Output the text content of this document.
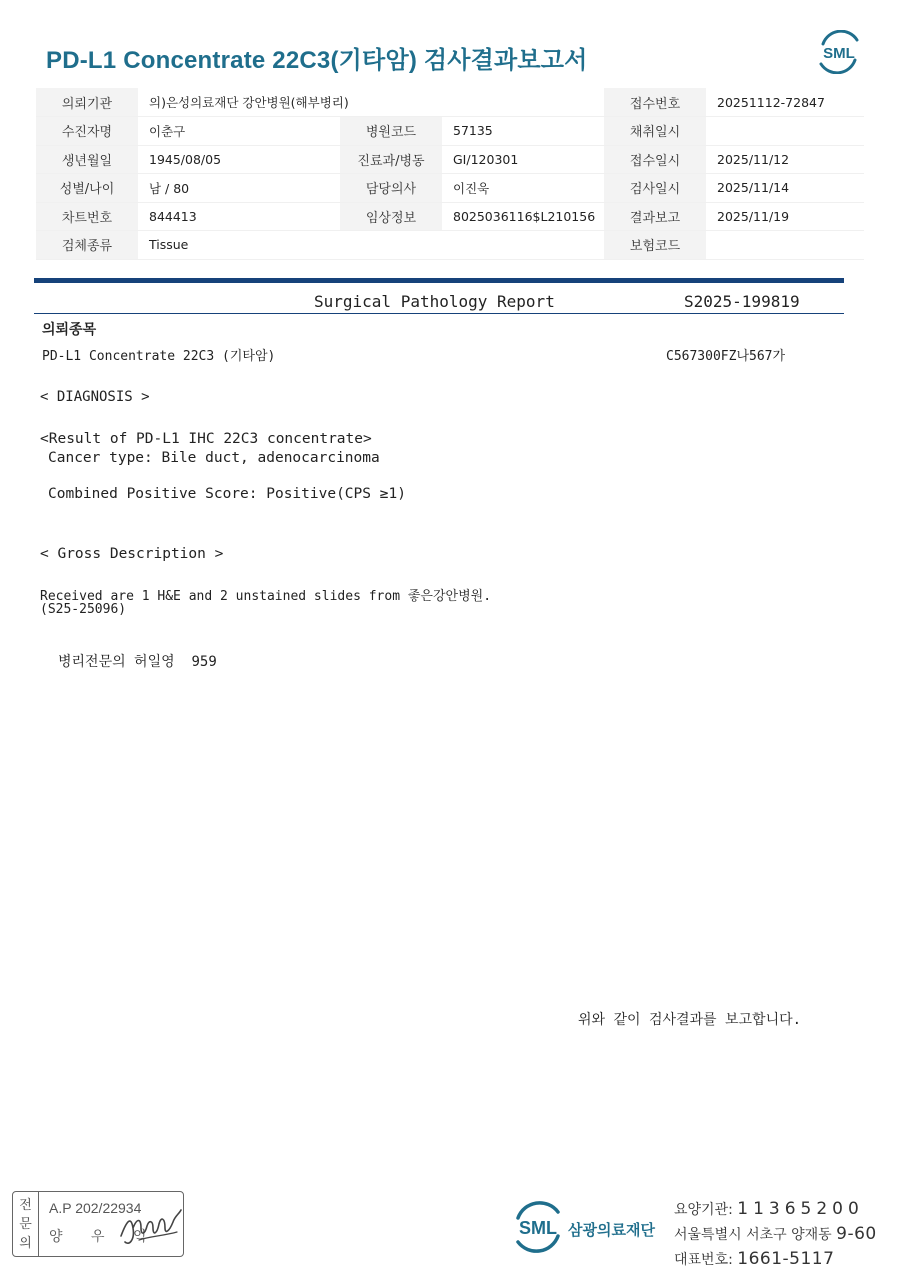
PD-L1 Concentrate 22C3(기타암) 검사결과보고서	SML
의뢰기관	의)은성의료재단 강안병원(해부병리)			접수번호	20251112-72847
수진자명	이춘구	병원코드	57135	채취일시	
생년월일	1945/08/05	진료과/병동	GI/120301	접수일시	2025/11/12
성별/나이	남 / 80	담당의사	이진욱	검사일시	2025/11/14
차트번호	844413	임상정보	8025036116$L210156	결과보고	2025/11/19
검체종류	Tissue			보험코드	
Surgical Pathology Report	S2025-199819
의뢰종목
PD-L1 Concentrate 22C3 (기타암)	C567300FZ나567가
< DIAGNOSIS >
<Result of PD-L1 IHC 22C3 concentrate>
Cancer type: Bile duct, adenocarcinoma
Combined Positive Score: Positive(CPS ≥1)
< Gross Description >
Received are 1 H&E and 2 unstained slides from 좋은강안병원.
(S25-25096)
병리전문의 허일영  959
위와 같이 검사결과를 보고합니다.
전
문
의
A.P 202/22934
양 우 익	SML 삼광의료재단
요양기관: 11365200
서울특별시 서초구 양재동 9-60
대표번호: 1661-5117
